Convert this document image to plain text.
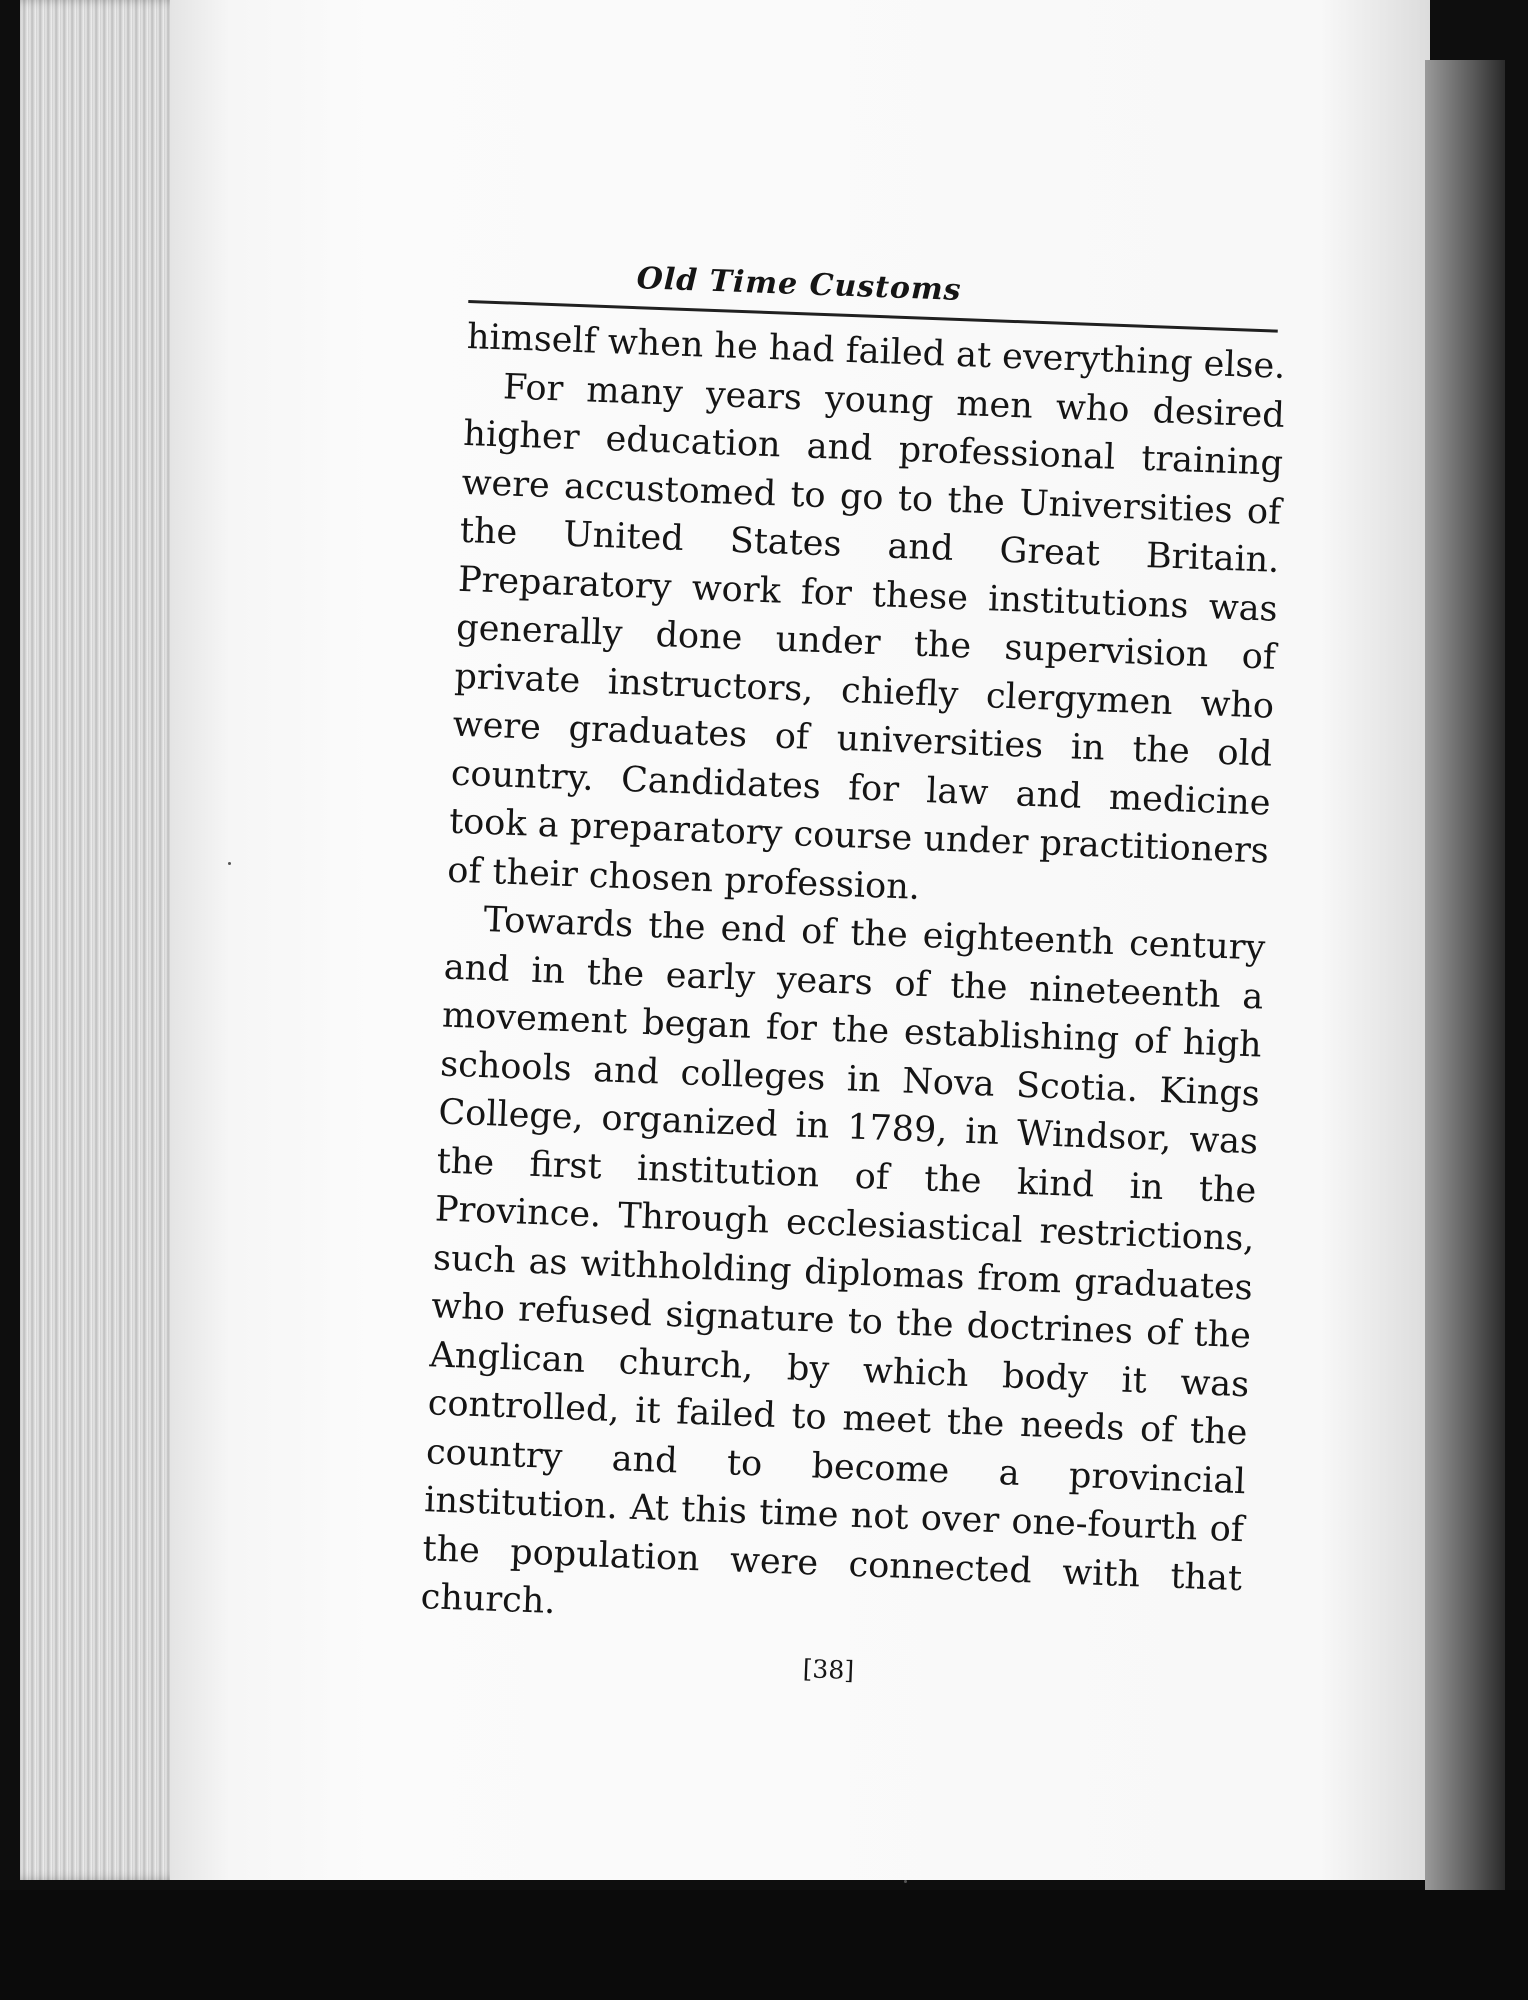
Old Time Customs

himself when he had failed at everything else.

For many years young men who desired higher education and professional training were accustomed to go to the Universities of the United States and Great Britain. Preparatory work for these institutions was generally done under the supervision of private instructors, chiefly clergymen who were graduates of universities in the old country. Candidates for law and medicine took a preparatory course under practitioners of their chosen profession.

Towards the end of the eighteenth century and in the early years of the nineteenth a movement began for the establishing of high schools and colleges in Nova Scotia. Kings College, organized in 1789, in Windsor, was the first institution of the kind in the Province. Through ecclesiastical restrictions, such as withholding diplomas from graduates who refused signature to the doctrines of the Anglican church, by which body it was controlled, it failed to meet the needs of the country and to become a provincial institution. At this time not over one-fourth of the population were connected with that church.

[38]
